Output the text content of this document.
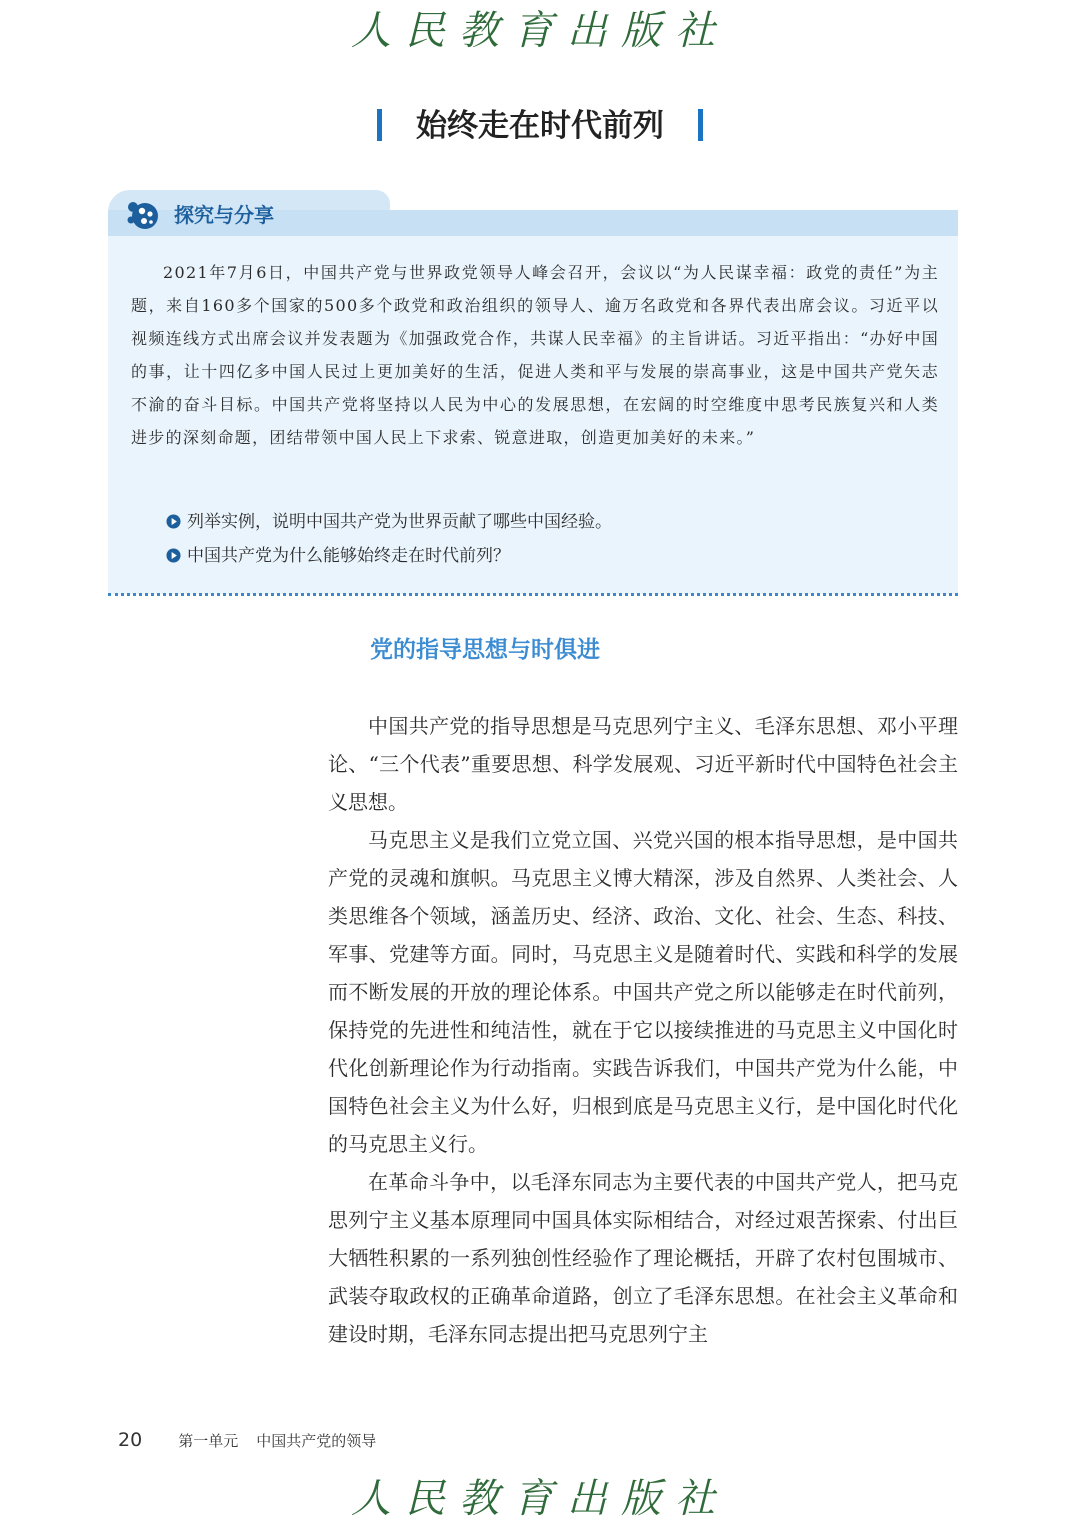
人民教育出版社
始终走在时代前列
探究与分享

2021年7月6日，中国共产党与世界政党领导人峰会召开，会议以“为人民谋幸福：政党的责任”为主题，来自160多个国家的500多个政党和政治组织的领导人、逾万名政党和各界代表出席会议。习近平以视频连线方式出席会议并发表题为《加强政党合作，共谋人民幸福》的主旨讲话。习近平指出：“办好中国的事，让十四亿多中国人民过上更加美好的生活，促进人类和平与发展的崇高事业，这是中国共产党矢志不渝的奋斗目标。中国共产党将坚持以人民为中心的发展思想，在宏阔的时空维度中思考民族复兴和人类进步的深刻命题，团结带领中国人民上下求索、锐意进取，创造更加美好的未来。”

列举实例，说明中国共产党为世界贡献了哪些中国经验。
中国共产党为什么能够始终走在时代前列？
党的指导思想与时俱进

中国共产党的指导思想是马克思列宁主义、毛泽东思想、邓小平理论、“三个代表”重要思想、科学发展观、习近平新时代中国特色社会主义思想。

马克思主义是我们立党立国、兴党兴国的根本指导思想，是中国共产党的灵魂和旗帜。马克思主义博大精深，涉及自然界、人类社会、人类思维各个领域，涵盖历史、经济、政治、文化、社会、生态、科技、军事、党建等方面。同时，马克思主义是随着时代、实践和科学的发展而不断发展的开放的理论体系。中国共产党之所以能够走在时代前列，保持党的先进性和纯洁性，就在于它以接续推进的马克思主义中国化时代化创新理论作为行动指南。实践告诉我们，中国共产党为什么能，中国特色社会主义为什么好，归根到底是马克思主义行，是中国化时代化的马克思主义行。

在革命斗争中，以毛泽东同志为主要代表的中国共产党人，把马克思列宁主义基本原理同中国具体实际相结合，对经过艰苦探索、付出巨大牺牲积累的一系列独创性经验作了理论概括，开辟了农村包围城市、武装夺取政权的正确革命道路，创立了毛泽东思想。在社会主义革命和建设时期，毛泽东同志提出把马克思列宁主

20 第一单元 中国共产党的领导
人民教育出版社
